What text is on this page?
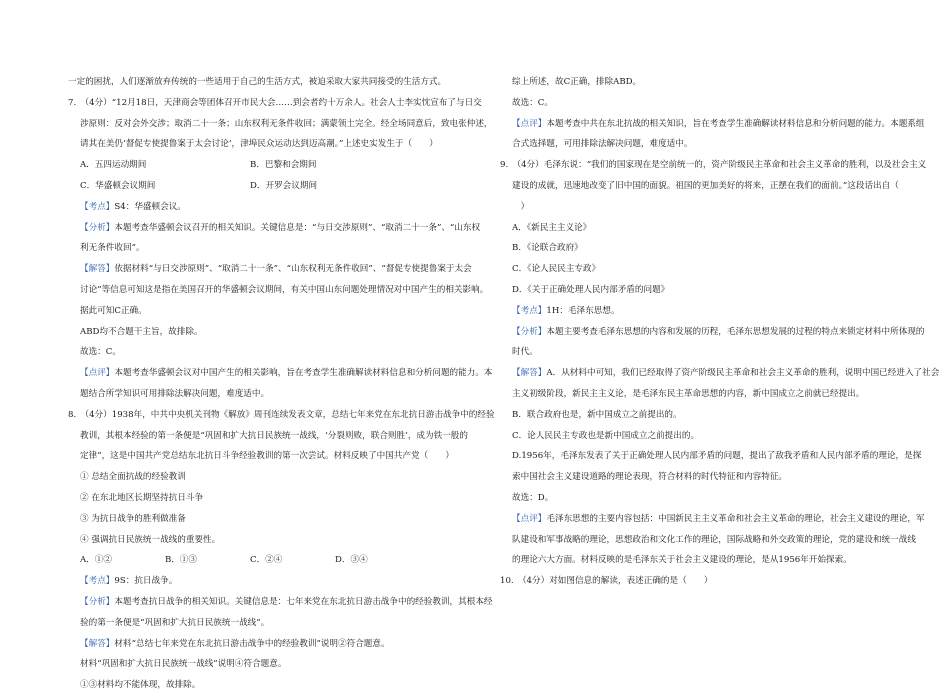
一定的困扰，人们逐渐放弃传统的一些适用于自己的生活方式，被迫采取大家共同接受的生活方式。
7.　（4分）“12月18日，天津商会等团体召开市民大会……到会者约十万余人。社会人士李实忱宣布了与日交
涉原则：反对会外交涉；取消二十一条；山东权利无条件收回；满蒙领土完全。经全场同意后，致电张仲述，
请其在美仍‘督促专使提鲁案于太会讨论’，津埠民众运动达到迈高潮。”上述史实发生于（　　）
A．五四运动期间	B．巴黎和会期间
C．华盛顿会议期间	D．开罗会议期间
【考点】S4：华盛顿会议。
【分析】本题考查华盛顿会议召开的相关知识。关键信息是：“与日交涉原则”、“取消二十一条”、“山东权
利无条件收回”。
【解答】依据材料“与日交涉原则”、“取消二十一条”、“山东权利无条件收回”、“督促专使提鲁案于太会
讨论”等信息可知这是指在美国召开的华盛顿会议期间，有关中国山东问题处理情况对中国产生的相关影响。
据此可知C正确。
ABD均不合题干主旨，故排除。
故选：C。
【点评】本题考查华盛顿会议对中国产生的相关影响，旨在考查学生准确解读材料信息和分析问题的能力。本
题结合所学知识可用排除法解决问题，难度适中。
8.　（4分）1938年，中共中央机关刊物《解放》周刊连续发表文章，总结七年来党在东北抗日游击战争中的经验
教训，其根本经验的第一条便是“巩固和扩大抗日民族统一战线，‘分裂则败，联合则胜’，成为铁一般的
定律”，这是中国共产党总结东北抗日斗争经验教训的第一次尝试。材料反映了中国共产党（　　）
① 总结全面抗战的经验教训
② 在东北地区长期坚持抗日斗争
③ 为抗日战争的胜利做准备
④ 强调抗日民族统一战线的重要性。
A．①②	B．①③	C．②④	D．③④
【考点】9S：抗日战争。
【分析】本题考查抗日战争的相关知识。关键信息是：七年来党在东北抗日游击战争中的经验教训，其根本经
验的第一条便是“巩固和扩大抗日民族统一战线”。
【解答】材料“总结七年来党在东北抗日游击战争中的经验教训”说明②符合题意。
材料“巩固和扩大抗日民族统一战线”说明④符合题意。
①③材料均不能体现，故排除。
综上所述，故C正确，排除ABD。
故选：C。
【点评】本题考查中共在东北抗战的相关知识，旨在考查学生准确解读材料信息和分析问题的能力。本题系组
合式选择题，可用排除法解决问题，难度适中。
9.　（4分）毛泽东说：“我们的国家现在是空前统一的，资产阶级民主革命和社会主义革命的胜利，以及社会主义
建设的成就，迅速地改变了旧中国的面貌。祖国的更加美好的将来，正摆在我们的面前。”这段话出自（
　）
A．《新民主主义论》
B．《论联合政府》
C．《论人民民主专政》
D．《关于正确处理人民内部矛盾的问题》
【考点】1H：毛泽东思想。
【分析】本题主要考查毛泽东思想的内容和发展的历程，毛泽东思想发展的过程的特点来锁定材料中所体现的
时代。
【解答】A．从材料中可知，我们已经取得了资产阶级民主革命和社会主义革命的胜利，说明中国已经进入了社会
主义初级阶段，新民主主义论，是毛泽东民主革命思想的内容，新中国成立之前就已经提出。
B．联合政府也是，新中国成立之前提出的。
C．论人民民主专政也是新中国成立之前提出的。
D.1956年，毛泽东发表了关于正确处理人民内部矛盾的问题，提出了敌我矛盾和人民内部矛盾的理论，是探
索中国社会主义建设道路的理论表现，符合材料的时代特征和内容特征。
故选：D。
【点评】毛泽东思想的主要内容包括：中国新民主主义革命和社会主义革命的理论，社会主义建设的理论，军
队建设和军事战略的理论，思想政治和文化工作的理论，国际战略和外交政策的理论，党的建设和统一战线
的理论六大方面。材料反映的是毛泽东关于社会主义建设的理论，是从1956年开始探索。
10.　（4分）对如图信息的解读，表述正确的是（　　）
